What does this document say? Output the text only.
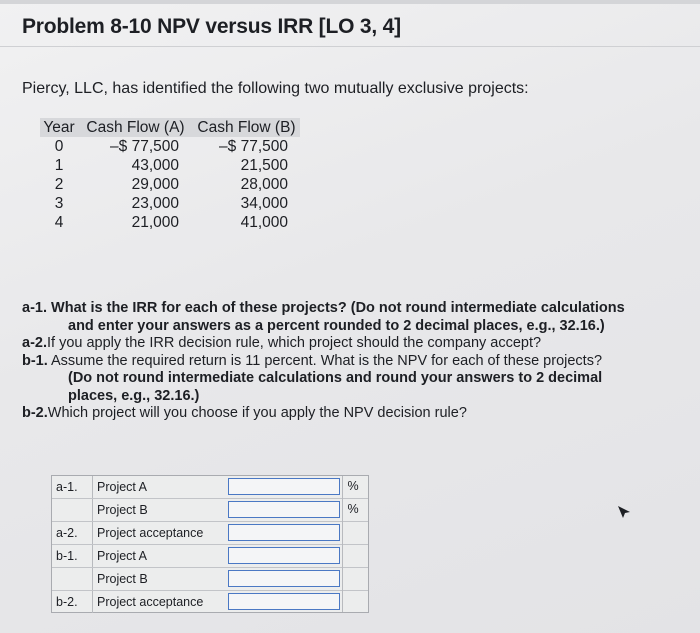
Problem 8-10 NPV versus IRR [LO 3, 4]
Piercy, LLC, has identified the following two mutually exclusive projects:
Year	Cash Flow (A)	Cash Flow (B)
0	–$ 77,500	–$ 77,500
1	43,000	21,500
2	29,000	28,000
3	23,000	34,000
4	21,000	41,000

a-1. What is the IRR for each of these projects? (Do not round intermediate calculations

and enter your answers as a percent rounded to 2 decimal places, e.g., 32.16.)

a-2.If you apply the IRR decision rule, which project should the company accept?

b-1. Assume the required return is 11 percent. What is the NPV for each of these projects?

(Do not round intermediate calculations and round your answers to 2 decimal

places, e.g., 32.16.)

b-2.Which project will you choose if you apply the NPV decision rule?

a-1.	Project A	%
Project B	%
a-2.	Project acceptance
b-1.	Project A
Project B
b-2.	Project acceptance
